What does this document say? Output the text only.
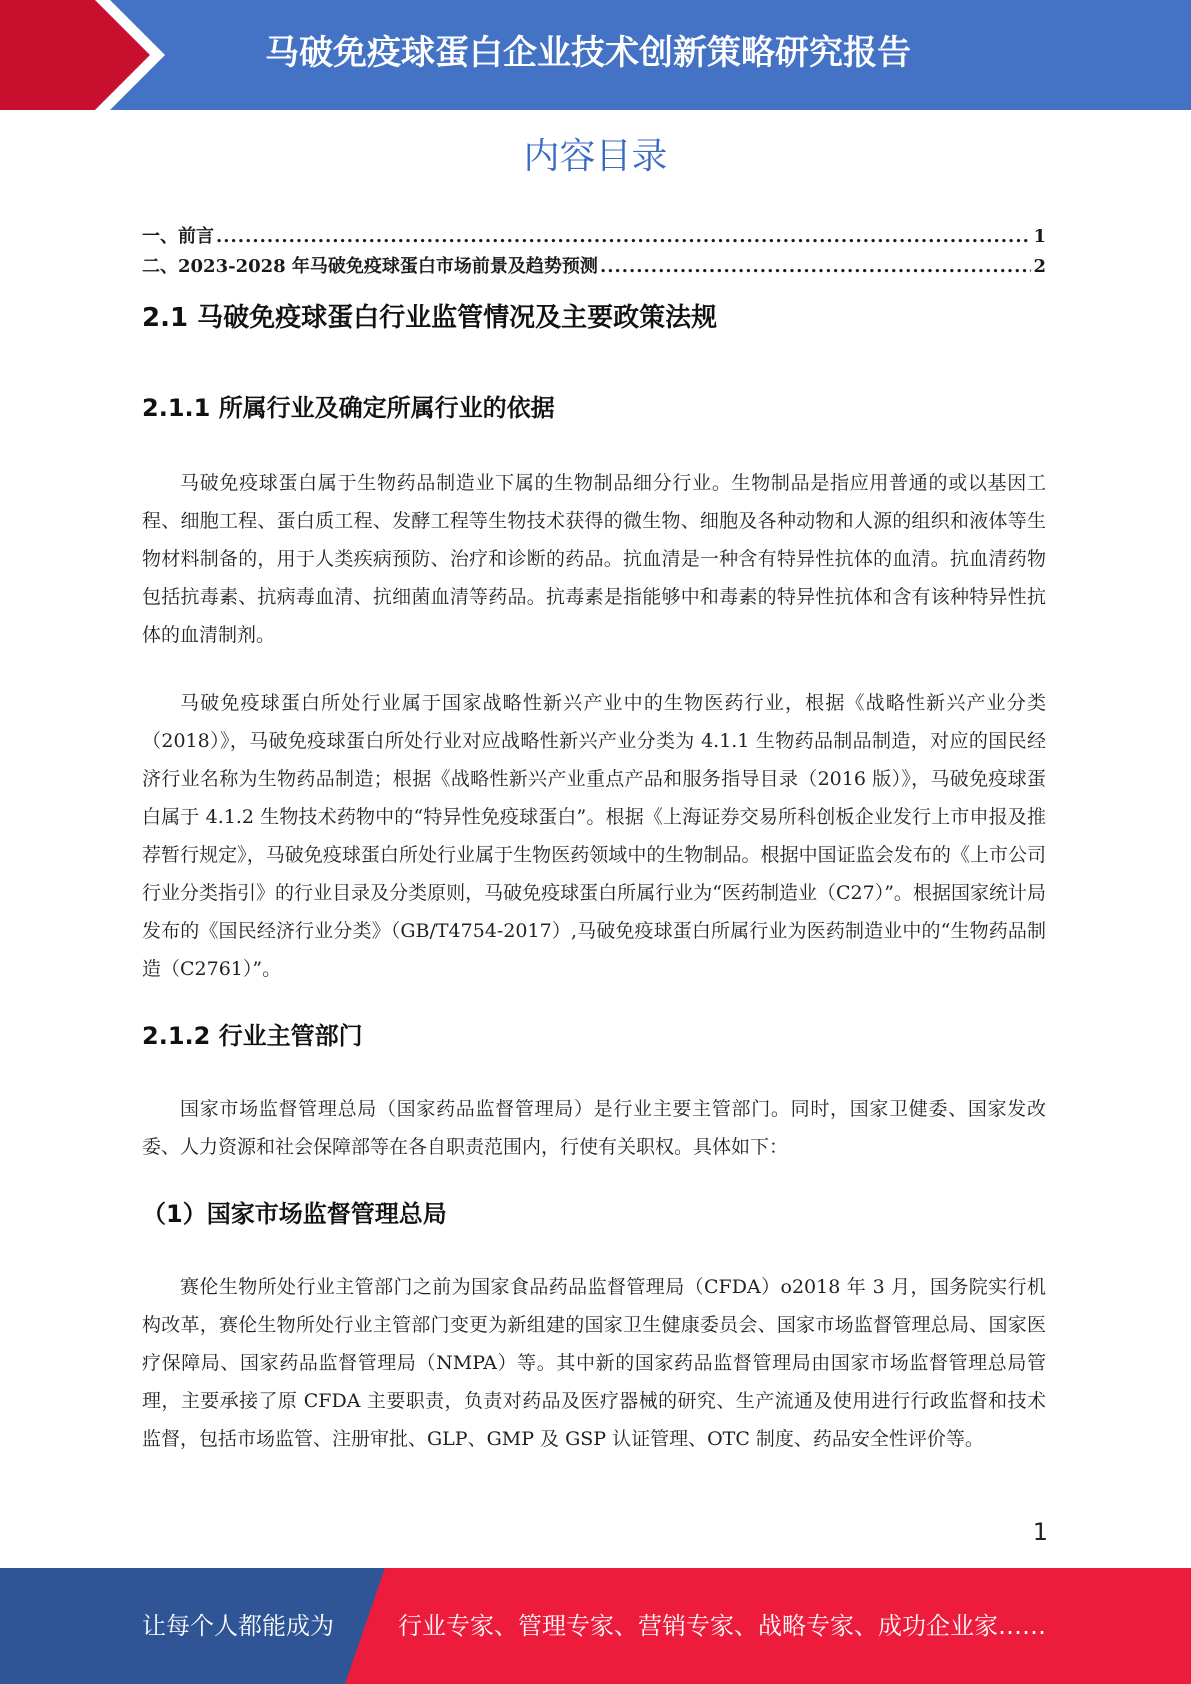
马破免疫球蛋白企业技术创新策略研究报告
内容目录
一、前言 .....	1
二、2023-2028 年马破免疫球蛋白市场前景及趋势预测 .....	2
2.1 马破免疫球蛋白行业监管情况及主要政策法规
2.1.1 所属行业及确定所属行业的依据

马破免疫球蛋白属于生物药品制造业下属的生物制品细分行业。生物制品是指应用普通的或以基因工程、细胞工程、蛋白质工程、发酵工程等生物技术获得的微生物、细胞及各种动物和人源的组织和液体等生物材料制备的，用于人类疾病预防、治疗和诊断的药品。抗血清是一种含有特异性抗体的血清。抗血清药物包括抗毒素、抗病毒血清、抗细菌血清等药品。抗毒素是指能够中和毒素的特异性抗体和含有该种特异性抗体的血清制剂。

马破免疫球蛋白所处行业属于国家战略性新兴产业中的生物医药行业，根据《战略性新兴产业分类（2018）》，马破免疫球蛋白所处行业对应战略性新兴产业分类为 4.1.1 生物药品制品制造，对应的国民经济行业名称为生物药品制造；根据《战略性新兴产业重点产品和服务指导目录（2016 版）》，马破免疫球蛋白属于 4.1.2 生物技术药物中的“特异性免疫球蛋白”。根据《上海证券交易所科创板企业发行上市申报及推荐暂行规定》，马破免疫球蛋白所处行业属于生物医药领域中的生物制品。根据中国证监会发布的《上市公司行业分类指引》的行业目录及分类原则，马破免疫球蛋白所属行业为“医药制造业（C27）”。根据国家统计局发布的《国民经济行业分类》（GB/T4754-2017）,马破免疫球蛋白所属行业为医药制造业中的“生物药品制造（C2761）”。

2.1.2 行业主管部门

国家市场监督管理总局（国家药品监督管理局）是行业主要主管部门。同时，国家卫健委、国家发改委、人力资源和社会保障部等在各自职责范围内，行使有关职权。具体如下：

（1）国家市场监督管理总局

赛伦生物所处行业主管部门之前为国家食品药品监督管理局（CFDA）o2018 年 3 月，国务院实行机构改革，赛伦生物所处行业主管部门变更为新组建的国家卫生健康委员会、国家市场监督管理总局、国家医疗保障局、国家药品监督管理局（NMPA）等。其中新的国家药品监督管理局由国家市场监督管理总局管理，主要承接了原 CFDA 主要职责，负责对药品及医疗器械的研究、生产流通及使用进行行政监督和技术监督，包括市场监管、注册审批、GLP、GMP 及 GSP 认证管理、OTC 制度、药品安全性评价等。

1
让每个人都能成为	行业专家、管理专家、营销专家、战略专家、成功企业家……
